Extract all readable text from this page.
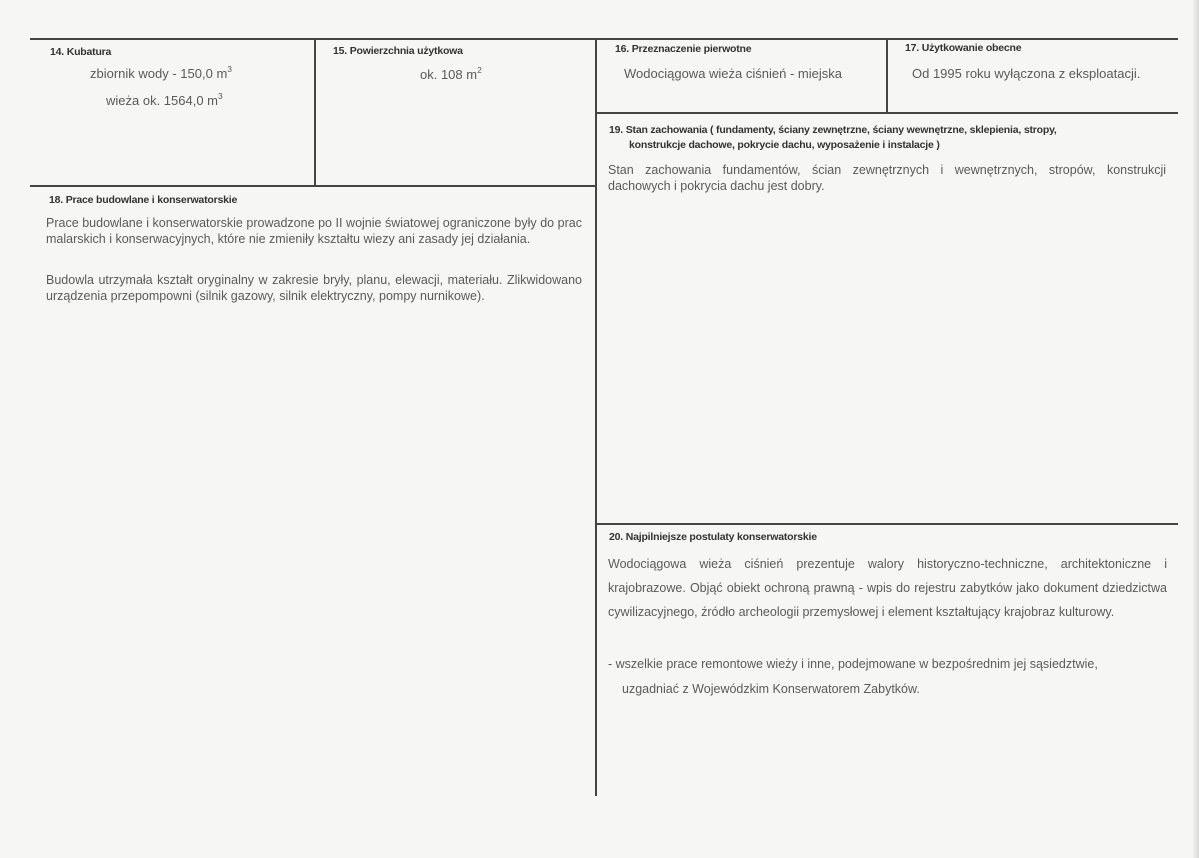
14. Kubatura
zbiornik wody - 150,0 $m^3$
wieża ok. 1564,0 $m^3$
15. Powierzchnia użytkowa
ok. 108 $m^2$
16. Przeznaczenie pierwotne
Wodociągowa wieża ciśnień - miejska
17. Użytkowanie obecne
Od 1995 roku wyłączona z eksploatacji.
18. Prace budowlane i konserwatorskie
Prace budowlane i konserwatorskie prowadzone po II wojnie światowej ograniczone były do prac malarskich i konserwacyjnych, które nie zmieniły kształtu wiezy ani zasady jej działania.
Budowla utrzymała kształt oryginalny w zakresie bryły, planu, elewacji, materiału. Zlikwidowano urządzenia przepompowni (silnik gazowy, silnik elektryczny, pompy nurnikowe).
19. Stan zachowania ( fundamenty, ściany zewnętrzne, ściany wewnętrzne, sklepienia, stropy,
konstrukcje dachowe, pokrycie dachu, wyposażenie i instalacje )
Stan zachowania fundamentów, ścian zewnętrznych i wewnętrznych, stropów, konstrukcji dachowych i pokrycia dachu jest dobry.
20. Najpilniejsze postulaty konserwatorskie
Wodociągowa wieża ciśnień prezentuje walory historyczno-techniczne, architektoniczne i krajobrazowe. Objąć obiekt ochroną prawną - wpis do rejestru zabytków jako dokument dziedzictwa cywilizacyjnego, źródło archeologii przemysłowej i element kształtujący krajobraz kulturowy.
- wszelkie prace remontowe wieży i inne, podejmowane w bezpośrednim jej sąsiedztwie,
uzgadniać z Wojewódzkim Konserwatorem Zabytków.
